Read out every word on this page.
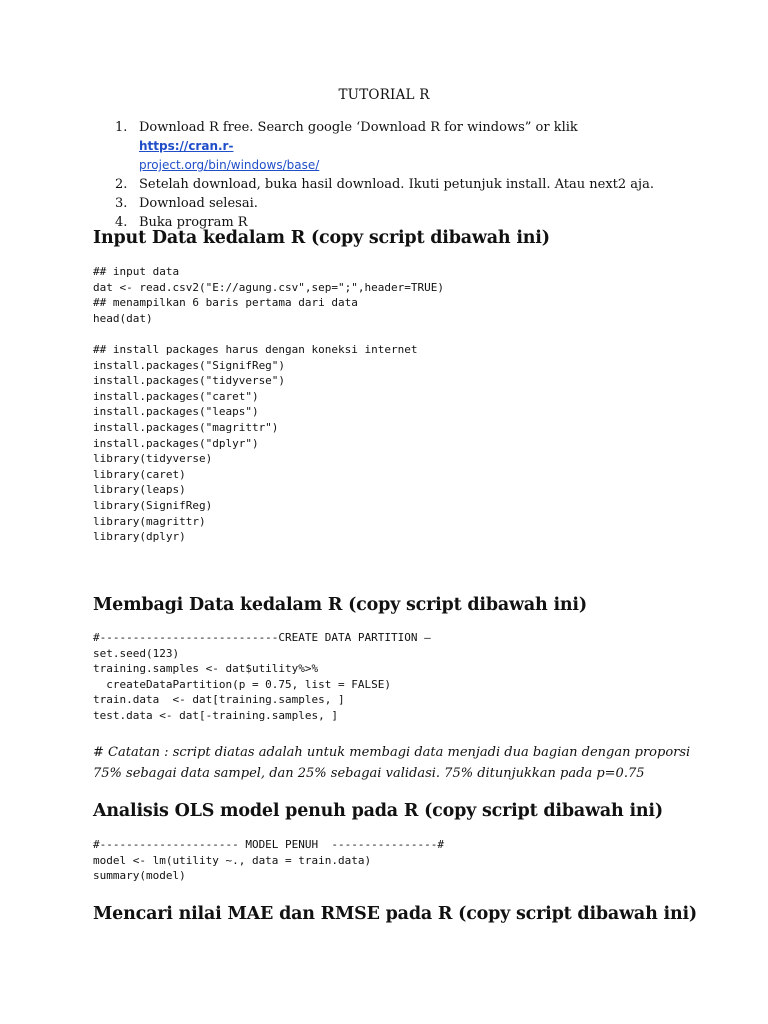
TUTORIAL R
1. Download R free. Search google ‘Download R for windows” or klik https://cran.r-
project.org/bin/windows/base/
2. Setelah download, buka hasil download. Ikuti petunjuk install. Atau next2 aja.
3. Download selesai.
4. Buka program R
Input Data kedalam R (copy script dibawah ini)
## input data
dat <- read.csv2("E://agung.csv",sep=";",header=TRUE)
## menampilkan 6 baris pertama dari data
head(dat)

## install packages harus dengan koneksi internet
install.packages("SignifReg")
install.packages("tidyverse")
install.packages("caret")
install.packages("leaps")
install.packages("magrittr")
install.packages("dplyr")
library(tidyverse)
library(caret)
library(leaps)
library(SignifReg)
library(magrittr)
library(dplyr)
Membagi Data kedalam R (copy script dibawah ini)
#---------------------------CREATE DATA PARTITION –
set.seed(123)
training.samples <- dat$utility%>%
createDataPartition(p = 0.75, list = FALSE)
train.data  <- dat[training.samples, ]
test.data <- dat[-training.samples, ]
# Catatan : script diatas adalah untuk membagi data menjadi dua bagian dengan proporsi 75% sebagai data sampel, dan 25% sebagai validasi. 75% ditunjukkan pada p=0.75
Analisis OLS model penuh pada R (copy script dibawah ini)
#--------------------- MODEL PENUH  ----------------#
model <- lm(utility ~., data = train.data)
summary(model)
Mencari nilai MAE dan RMSE pada R (copy script dibawah ini)
